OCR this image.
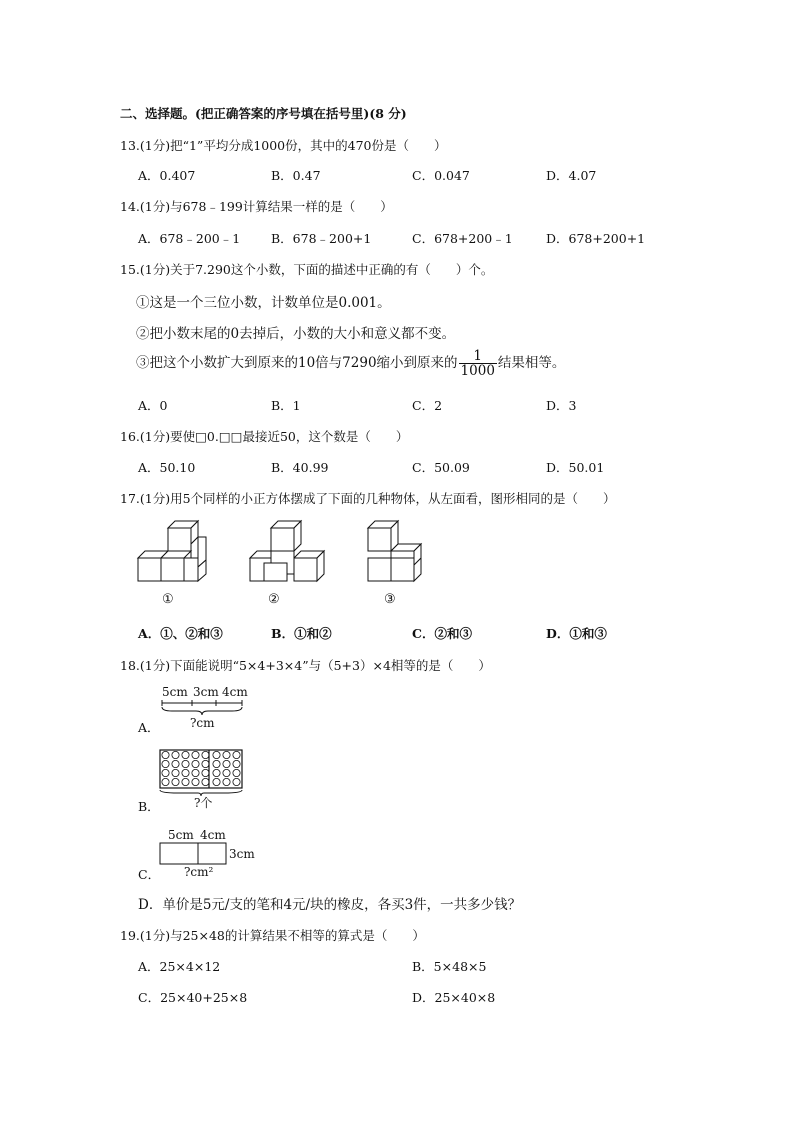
二、选择题。(把正确答案的序号填在括号里)(8 分)
13.(1分)把“1”平均分成1000份，其中的470份是（　　）
A．0.407	B．0.47	C．0.047	D．4.07
14.(1分)与678﹣199计算结果一样的是（　　）
A．678﹣200﹣1 B．678﹣200+1	C．678+200﹣1	D．678+200+1
15.(1分)关于7.290这个小数，下面的描述中正确的有（　　）个。
①这是一个三位小数，计数单位是0.001。
②把小数末尾的0去掉后，小数的大小和意义都不变。
③把这个小数扩大到原来的10倍与7290缩小到原来的 $\frac{1}{1000}$ 结果相等。
A．0	B．1	C．2	D．3
16.(1分)要使□0.□□最接近50，这个数是（　　）
A．50.10	B．40.99	C．50.09	D．50.01
17.(1分)用5个同样的小正方体摆成了下面的几种物体，从左面看，图形相同的是（　　）
①	②	③
A．①、②和③	B．①和②	C．②和③	D．①和③
18.(1分)下面能说明“5×4+3×4”与（5+3）×4相等的是（　　）
A．
5cm 3cm 4cm
?cm
B．	?个
C．
5cm 4cm
3cm
?cm²
D．单价是5元/支的笔和4元/块的橡皮，各买3件，一共多少钱？
19.(1分)与25×48的计算结果不相等的算式是（　　）
A．25×4×12	B．5×48×5
C．25×40+25×8	D．25×40×8
